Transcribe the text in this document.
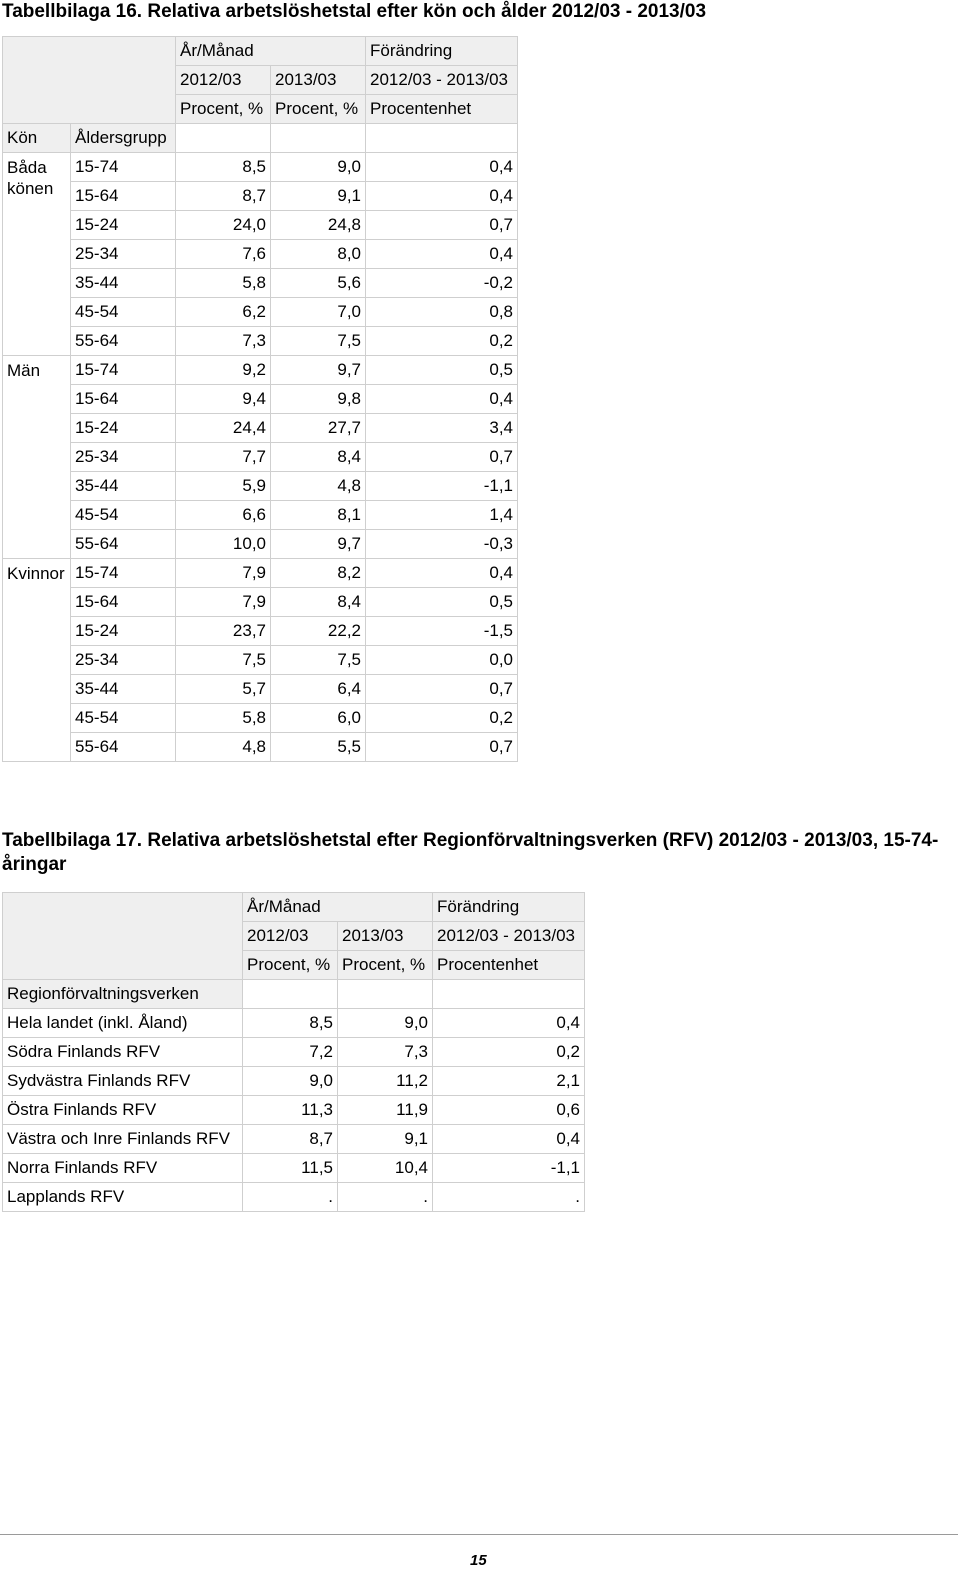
Tabellbilaga 16. Relativa arbetslöshetstal efter kön och ålder 2012/03 - 2013/03
		År/Månad		Förändring
		2012/03	2013/03	2012/03 - 2013/03
		Procent, %	Procent, %	Procentenhet
Kön	Åldersgrupp			
Båda könen	15-74	8,5	9,0	0,4
	15-64	8,7	9,1	0,4
	15-24	24,0	24,8	0,7
	25-34	7,6	8,0	0,4
	35-44	5,8	5,6	-0,2
	45-54	6,2	7,0	0,8
	55-64	7,3	7,5	0,2
Män	15-74	9,2	9,7	0,5
	15-64	9,4	9,8	0,4
	15-24	24,4	27,7	3,4
	25-34	7,7	8,4	0,7
	35-44	5,9	4,8	-1,1
	45-54	6,6	8,1	1,4
	55-64	10,0	9,7	-0,3
Kvinnor	15-74	7,9	8,2	0,4
	15-64	7,9	8,4	0,5
	15-24	23,7	22,2	-1,5
	25-34	7,5	7,5	0,0
	35-44	5,7	6,4	0,7
	45-54	5,8	6,0	0,2
	55-64	4,8	5,5	0,7
Tabellbilaga 17. Relativa arbetslöshetstal efter Regionförvaltningsverken (RFV) 2012/03 - 2013/03, 15-74-åringar
	År/Månad		Förändring
	2012/03	2013/03	2012/03 - 2013/03
	Procent, %	Procent, %	Procentenhet
Regionförvaltningsverken			
Hela landet (inkl. Åland)	8,5	9,0	0,4
Södra Finlands RFV	7,2	7,3	0,2
Sydvästra Finlands RFV	9,0	11,2	2,1
Östra Finlands RFV	11,3	11,9	0,6
Västra och Inre Finlands RFV	8,7	9,1	0,4
Norra Finlands RFV	11,5	10,4	-1,1
Lapplands RFV	.	.	.
15
